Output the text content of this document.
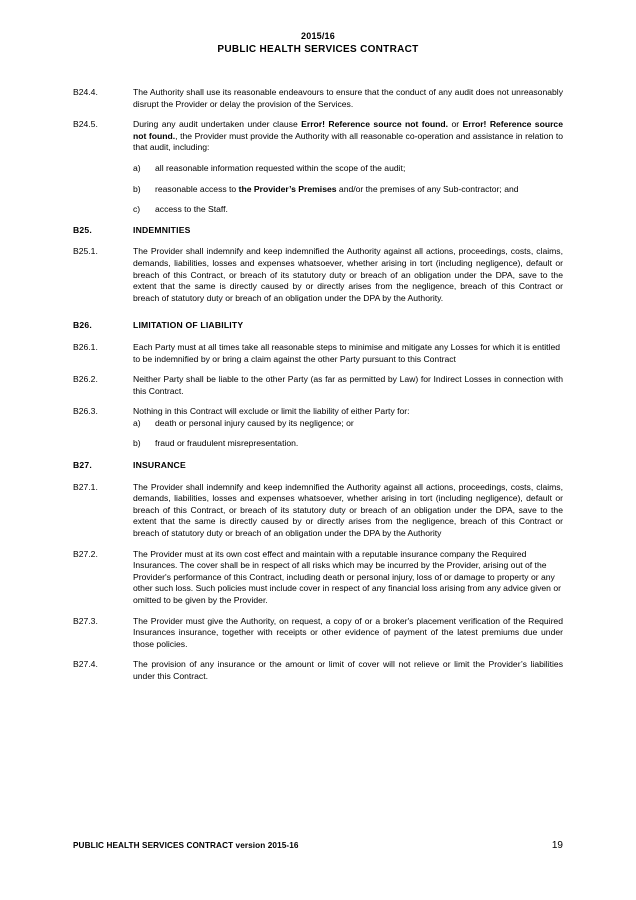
2015/16
PUBLIC HEALTH SERVICES CONTRACT
B24.4.	The Authority shall use its reasonable endeavours to ensure that the conduct of any audit does not unreasonably disrupt the Provider or delay the provision of the Services.
B24.5.	During any audit undertaken under clause Error! Reference source not found. or Error! Reference source not found., the Provider must provide the Authority with all reasonable co-operation and assistance in relation to that audit, including:
a)	all reasonable information requested within the scope of the audit;
b)	reasonable access to the Provider’s Premises and/or the premises of any Sub-contractor; and
c)	access to the Staff.
B25.	INDEMNITIES
B25.1.	The Provider shall indemnify and keep indemnified the Authority against all actions, proceedings, costs, claims, demands, liabilities, losses and expenses whatsoever, whether arising in tort (including negligence), default or breach of this Contract, or breach of its statutory duty or breach of an obligation under the DPA, save to the extent that the same is directly caused by or directly arises from the negligence, breach of this Contract or breach of statutory duty or breach of an obligation under the DPA by the Authority.
B26.	LIMITATION OF LIABILITY
B26.1.	Each Party must at all times take all reasonable steps to minimise and mitigate any Losses for which it is entitled to be indemnified by or bring a claim against the other Party pursuant to this Contract
B26.2.	Neither Party shall be liable to the other Party (as far as permitted by Law) for Indirect Losses in connection with this Contract.
B26.3.	Nothing in this Contract will exclude or limit the liability of either Party for:
a)	death or personal injury caused by its negligence; or
b)	fraud or fraudulent misrepresentation.
B27.	INSURANCE
B27.1.	The Provider shall indemnify and keep indemnified the Authority against all actions, proceedings, costs, claims, demands, liabilities, losses and expenses whatsoever, whether arising in tort (including negligence), default or breach of this Contract, or breach of its statutory duty or breach of an obligation under the DPA, save to the extent that the same is directly caused by or directly arises from the negligence, breach of this Contract or breach of statutory duty or breach of an obligation under the DPA by the Authority
B27.2.	The Provider must at its own cost effect and maintain with a reputable insurance company the Required Insurances. The cover shall be in respect of all risks which may be incurred by the Provider, arising out of the Provider's performance of this Contract, including death or personal injury, loss of or damage to property or any other such loss. Such policies must include cover in respect of any financial loss arising from any advice given or omitted to be given by the Provider.
B27.3.	The Provider must give the Authority, on request, a copy of or a broker's placement verification of the Required Insurances insurance, together with receipts or other evidence of payment of the latest premiums due under those policies.
B27.4.	The provision of any insurance or the amount or limit of cover will not relieve or limit the Provider’s liabilities under this Contract.
PUBLIC HEALTH SERVICES CONTRACT version 2015-16	19
